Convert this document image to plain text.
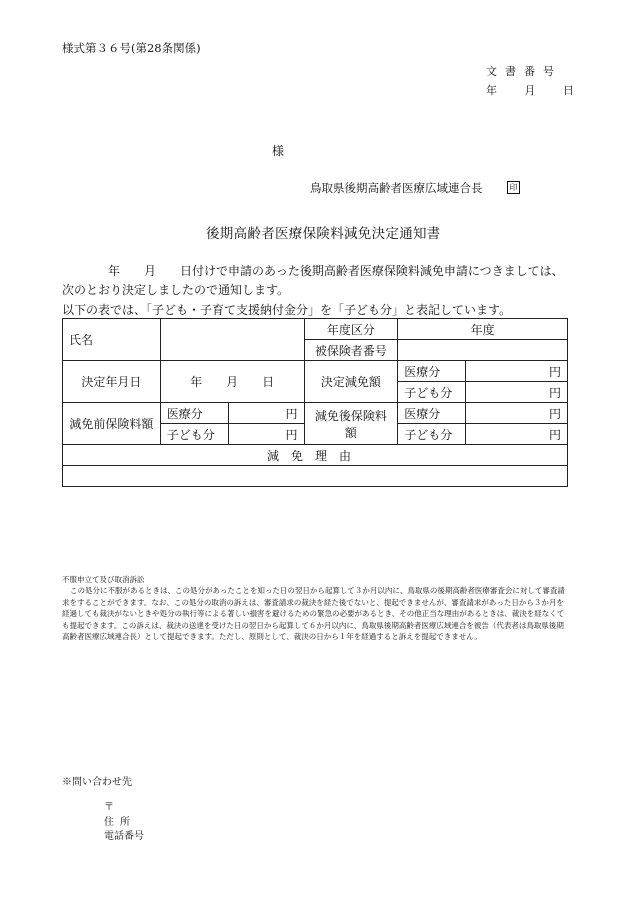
様式第３６号(第28条関係)
文書番号
年 月 日
様
鳥取県後期高齢者医療広域連合長	印
後期高齢者医療保険料減免決定通知書
年　　月　　日付けで申請のあった後期高齢者医療保険料減免申請につきましては、次のとおり決定しましたので通知します。
以下の表では、「子ども・子育て支援納付金分」を「子ども分」と表記しています。
氏名			年度区分	年度	
			被保険者番号		
決定年月日	年　　月　　日		決定減免額	医療分	円
				子ども分	円
減免前保険料額	医療分	円	減免後保険料額	医療分	円
	子ども分	円		子ども分	円
減免理由					

不服申立て及び取消訴訟
この処分に不服があるときは、この処分があったことを知った日の翌日から起算して３か月以内に、鳥取県の後期高齢者医療審査会に対して審査請求をすることができます。なお、この処分の取消の訴えは、審査請求の裁決を経た後でないと、提起できませんが、審査請求があった日から３か月を経過しても裁決がないときや処分の執行等による著しい損害を避けるための緊急の必要があるとき、その他正当な理由があるときは、裁決を経なくても提起できます。この訴えは、裁決の送達を受けた日の翌日から起算して６か月以内に、鳥取県後期高齢者医療広域連合を被告（代表者は鳥取県後期高齢者医療広域連合長）として提起できます。ただし、原則として、裁決の日から１年を経過すると訴えを提起できません。
※問い合わせ先
〒
住所
電話番号
